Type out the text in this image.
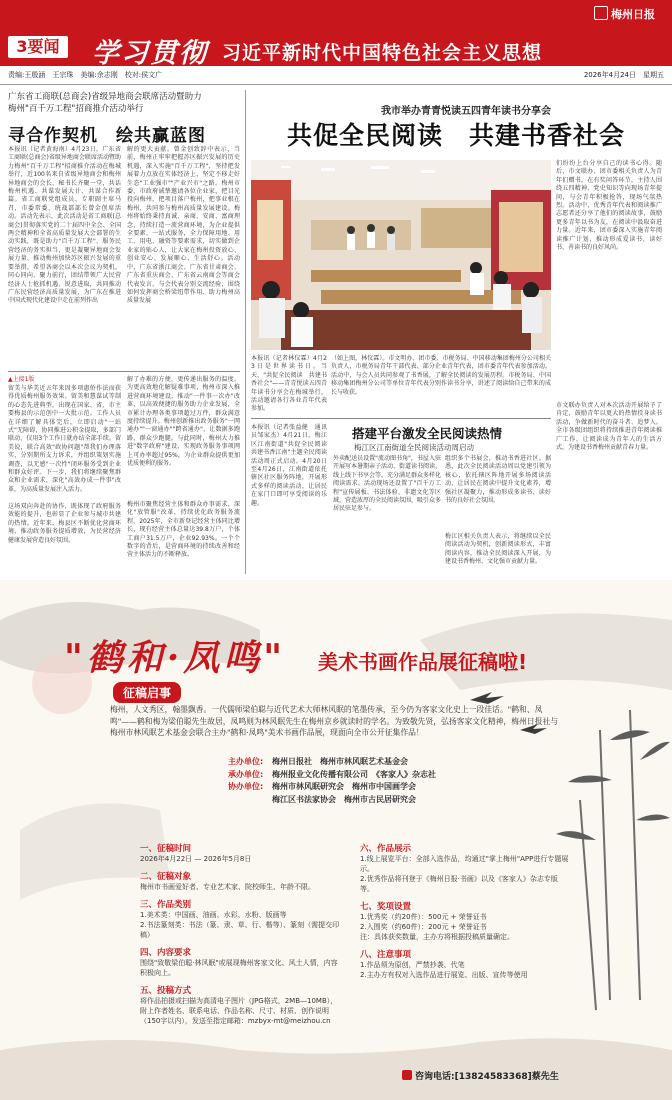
梅州日报
3要闻	学习贯彻 习近平新时代中国特色社会主义思想
责编:王殷涵　王宗珠　美编:余志刚　校对:侯文广	2026年4月24日　星期五
广东省工商联(总商会)省级异地商会联席活动暨助力
梅州"百千万工程"招商推介活动举行
寻合作契机　绘共赢蓝图
本报讯（记者黄海南）4月23日，广东省工商联(总商会)省级异地商会联席活动暨助力梅州"百千万工程"招商推介活动在梅城举行，近100名来自省级异地商会和梅州异地商会的会长、秘书长齐聚一堂，共话梅州机遇、共谋发展大计、共谋合作新篇。省工商联党组成员、专职副主席马召，市委常委、统战部部长曾金创席活动。活动先表示，此次活动是省工商联(总商会)贯彻落实党的二十届四中全会、全国两会精神和全省高质量发展大会部署的生动实践，既是助力"百千万工程"、服务民营经济的务实担当，更是凝聚异地商会发展力量、推动梅州加快苏区振兴发展的重要举措。希望各商会以本次会议为契机，同心同向、聚力前行，团结带领广大民营经济人士抢抓机遇、锐意进取，共同推动广东民营经济高质量发展，为广东在推进中国式现代化建设中走在前列作出
解的更大贡献。曾金创致辞中表示，当前，梅州正牢牢把握苏区振兴发展的历史机遇，深入实施"百千万工程"，坚持把发展着力点放在实体经济上，坚定不移走好生态"工业强市""产业兴市"之路。梅州市委、市政府诚挚邀请各位企业家，把目光投向梅州，把项目落户梅州，把事业根在梅州，共同参与梅州高质量发展建设。梅州将始终秉持真诚、亲商、安商、富商理念，持续打造一流营商环境，为企业提供全要素、一站式服务，全力保障用地、用工、用电、融资等要素需求，切实做到企业家的贴心人，让大家在梅州投资放心、创业安心、发展顺心、生活舒心。活动中，广东省浙江商会、广东省甘肃商会、广东省重庆商会、广东省云南商会等商会代表发言，与会代表分别交流经验，围绕如何发挥商会桥梁纽带作用、助力梅州高质量发展
▲上接1版
留美与华美近五年来因多项惠侨作法而获得优质梅州服务效果。留美和慧谋试等制的心态先进典型，出现在国家、省、市主要梅县的示范创中一大批示范。工作人员在详细了解具体完后，立即启动"一站式"无障碍，协同推进公积金提取，多部门联动，仅用3个工作日就办结全部手续。留美说，联合高效"政协问题"帮我们办理落实，分别期所支力诉求，并组织策划实施调查，以无感"一次性"闭环服务受到企业和群众好评。下一步，我们将继续聚焦群众和企业需求，深化"高效办成一件事"改革，为高质量发展注入活力。
这场双向奔赴的协作，既体现了政府服务效能的提升，也彰显了企业参与城市共建的热情。近年来，梅县区不断优化营商环境，推动政务服务提质增效，为民营经济健康发展营造良好氛围。
解了办难的方便，更传递出服务的温度。为更高效地化解疑难事项，梅州市深入推进营商环境建设，推动"一件事一次办"改革，以高效便捷的服务助力企业发展，全市累计办理各类事项超过万件，群众满意度持续提升。梅州创新推出政务服务"一网通办""一窗通办""跨省通办"，让数据多跑路，群众少跑腿。与此同时，梅州大力推进"数字政府"建设，实现政务服务事项网上可办率超过95%，为企业群众提供更加优质便利的服务。
梅州市聚焦经营主体和群众办事需求，深化"放管服"改革，持续优化政务服务流程，2025年，全市新登记经营主体同比增长，现有经营主体总量达39.8万户，个体工商户31.5万户，企业92.93%。一个个数字的背后，是营商环境的持续改善和经营主体活力的不断释放。
我市举办青青悦读五四青年读书分享会
共促全民阅读　共建书香社会
们纷纷上台分享自己的读书心得。随后，市文联办、团市委相关负责人为青年们赠书。在有奖问答环节，主持人围绕五四精神、党史知识等向现场青年提问，与会青年积极抢答，现场气氛热烈。活动中，优秀青年代表和阅读推广志愿者还分享了他们的阅读故事，鼓励更多青年以书为友，在阅读中汲取奋进力量。近年来，团市委深入实施青年阅读推广计划，推动形成爱读书、读好书、善读书的良好风尚。
本报讯（记者林仪霖）4月23日是世界读书日。当天，"共促全民阅读　共建书香社会"——青青悦读五四青年读书分享会在梅城举行，活动邀请各行各业青年代表参加。
（如上图，林仪霖）。市文明办、团市委、市税务局、中国移动集团梅州分公司相关负责人，市税务局青年干部代表、部分企业青年代表，团市委青年代表参加活动。活动中，与会人员共同参观了书香展，了解全民阅读的发展历程。市税务局、中国移动集团梅州分公司等单位青年代表分别作读书分享，讲述了阅读给自己带来的成长与收获。
市文联办负责人对本次活动开展给予了肯定，鼓励青年以更大的热情投身读书活动，争做新时代的奋斗者、追梦人。全市各级团组织将持续推进青年阅读推广工作，让阅读成为青年人的生活方式，为建设书香梅州贡献青春力量。
本报讯（记者张益健　通讯员邹家杰）4月21日，梅江区江南街道"共促全民阅读　共建书香江南"主题全民阅读活动周正式启动。4月20日至4月26日，江南街道依托辖区社区服务阵地，开展形式多样的阅读活动，让居民在家门口即可享受阅读的乐趣。
搭建平台激发全民阅读热情
梅江区江南街道全民阅读活动周启动
外卖配送员设置"流动图书角"，书屋入驻开展写本暑期亲子活动、街道读书阅读、线上线下书享会等，充分满足群众多样化阅读需求。活动现场还设置了"百千万工程"宣传展板、书法体验、非遗文化等区域，营造浓厚的全民阅读氛围，吸引众多居民驻足参与。
组织多个书展会，推动书香进社区。据悉，此次全民阅读活动周以党建引领为核心，依托辖区阵地开展多场阅读活动，让居民在阅读中提升文化素养，增强社区凝聚力，推动形成多读书、读好书的良好社会氛围。
梅江区相关负责人表示，将继续以全民阅读活动为契机，创新阅读形式，丰富阅读内容，推动全民阅读深入开展，为建设书香梅州、文化强市贡献力量。
"鹤和·凤鸣" 美术书画作品展征稿啦!
征稿启事
梅州，人文秀区，翰墨飘香。一代儒师梁伯聪与近代艺术大师林风眠的笔墨传承，至今仍为客家文化史上一段佳话。"鹤和、凤鸣"——鹤和梅为梁伯聪先生故居，凤鸣则为林风眠先生在梅州京乡就读时的学名。为致敬先贤，弘扬客家文化精神，梅州日报社与梅州市林风眠艺术基金会联合主办"鹤和·凤鸣"美术书画作品展，现面向全市公开征集作品！
主办单位: 梅州日报社　梅州市林风眠艺术基金会
承办单位: 梅州报业文化传播有限公司　《客家人》杂志社
协办单位: 梅州市林风眠研究会　梅州市中国画学会
梅江区书法家协会　梅州市古民居研究会
一、征稿时间
2026年4月22日 — 2026年5月8日
二、征稿对象
梅州市书画爱好者、专业艺术家、院校师生、年龄不限。
三、作品类别
1.美术类：中国画、油画、水彩、水粉、版画等
2.书法篆刻类：书法（篆、隶、草、行、楷等）、篆刻（需提交印稿）
四、内容要求
围绕"致敬梁伯聪·林风眠"或展现梅州客家文化、风土人情，内容积极向上。
五、投稿方式
将作品拍摄或扫描为高清电子图片（JPG格式，2MB—10MB），附上作者姓名、联系电话、作品名称、尺寸、材质、创作说明（150字以内），发送至指定邮箱：mzbyx-mt@meizhou.cn
六、作品展示
1.线上展览平台：全部入选作品，均通过"掌上梅州"APP进行专题展示。
2.优秀作品将刊登于《梅州日报·书画》以及《客家人》杂志专版等。
七、奖项设置
1.优秀奖（约20件）：500元 + 荣誉证书
2.入围奖（约60件）：200元 + 荣誉证书
注：具体获奖数量，主办方将根据投稿质量确定。
八、注意事项
1.作品须为原创，严禁抄袭、代笔
2.主办方有权对入选作品进行展览、出版、宣传等使用
咨询电话:[13824583368]蔡先生
